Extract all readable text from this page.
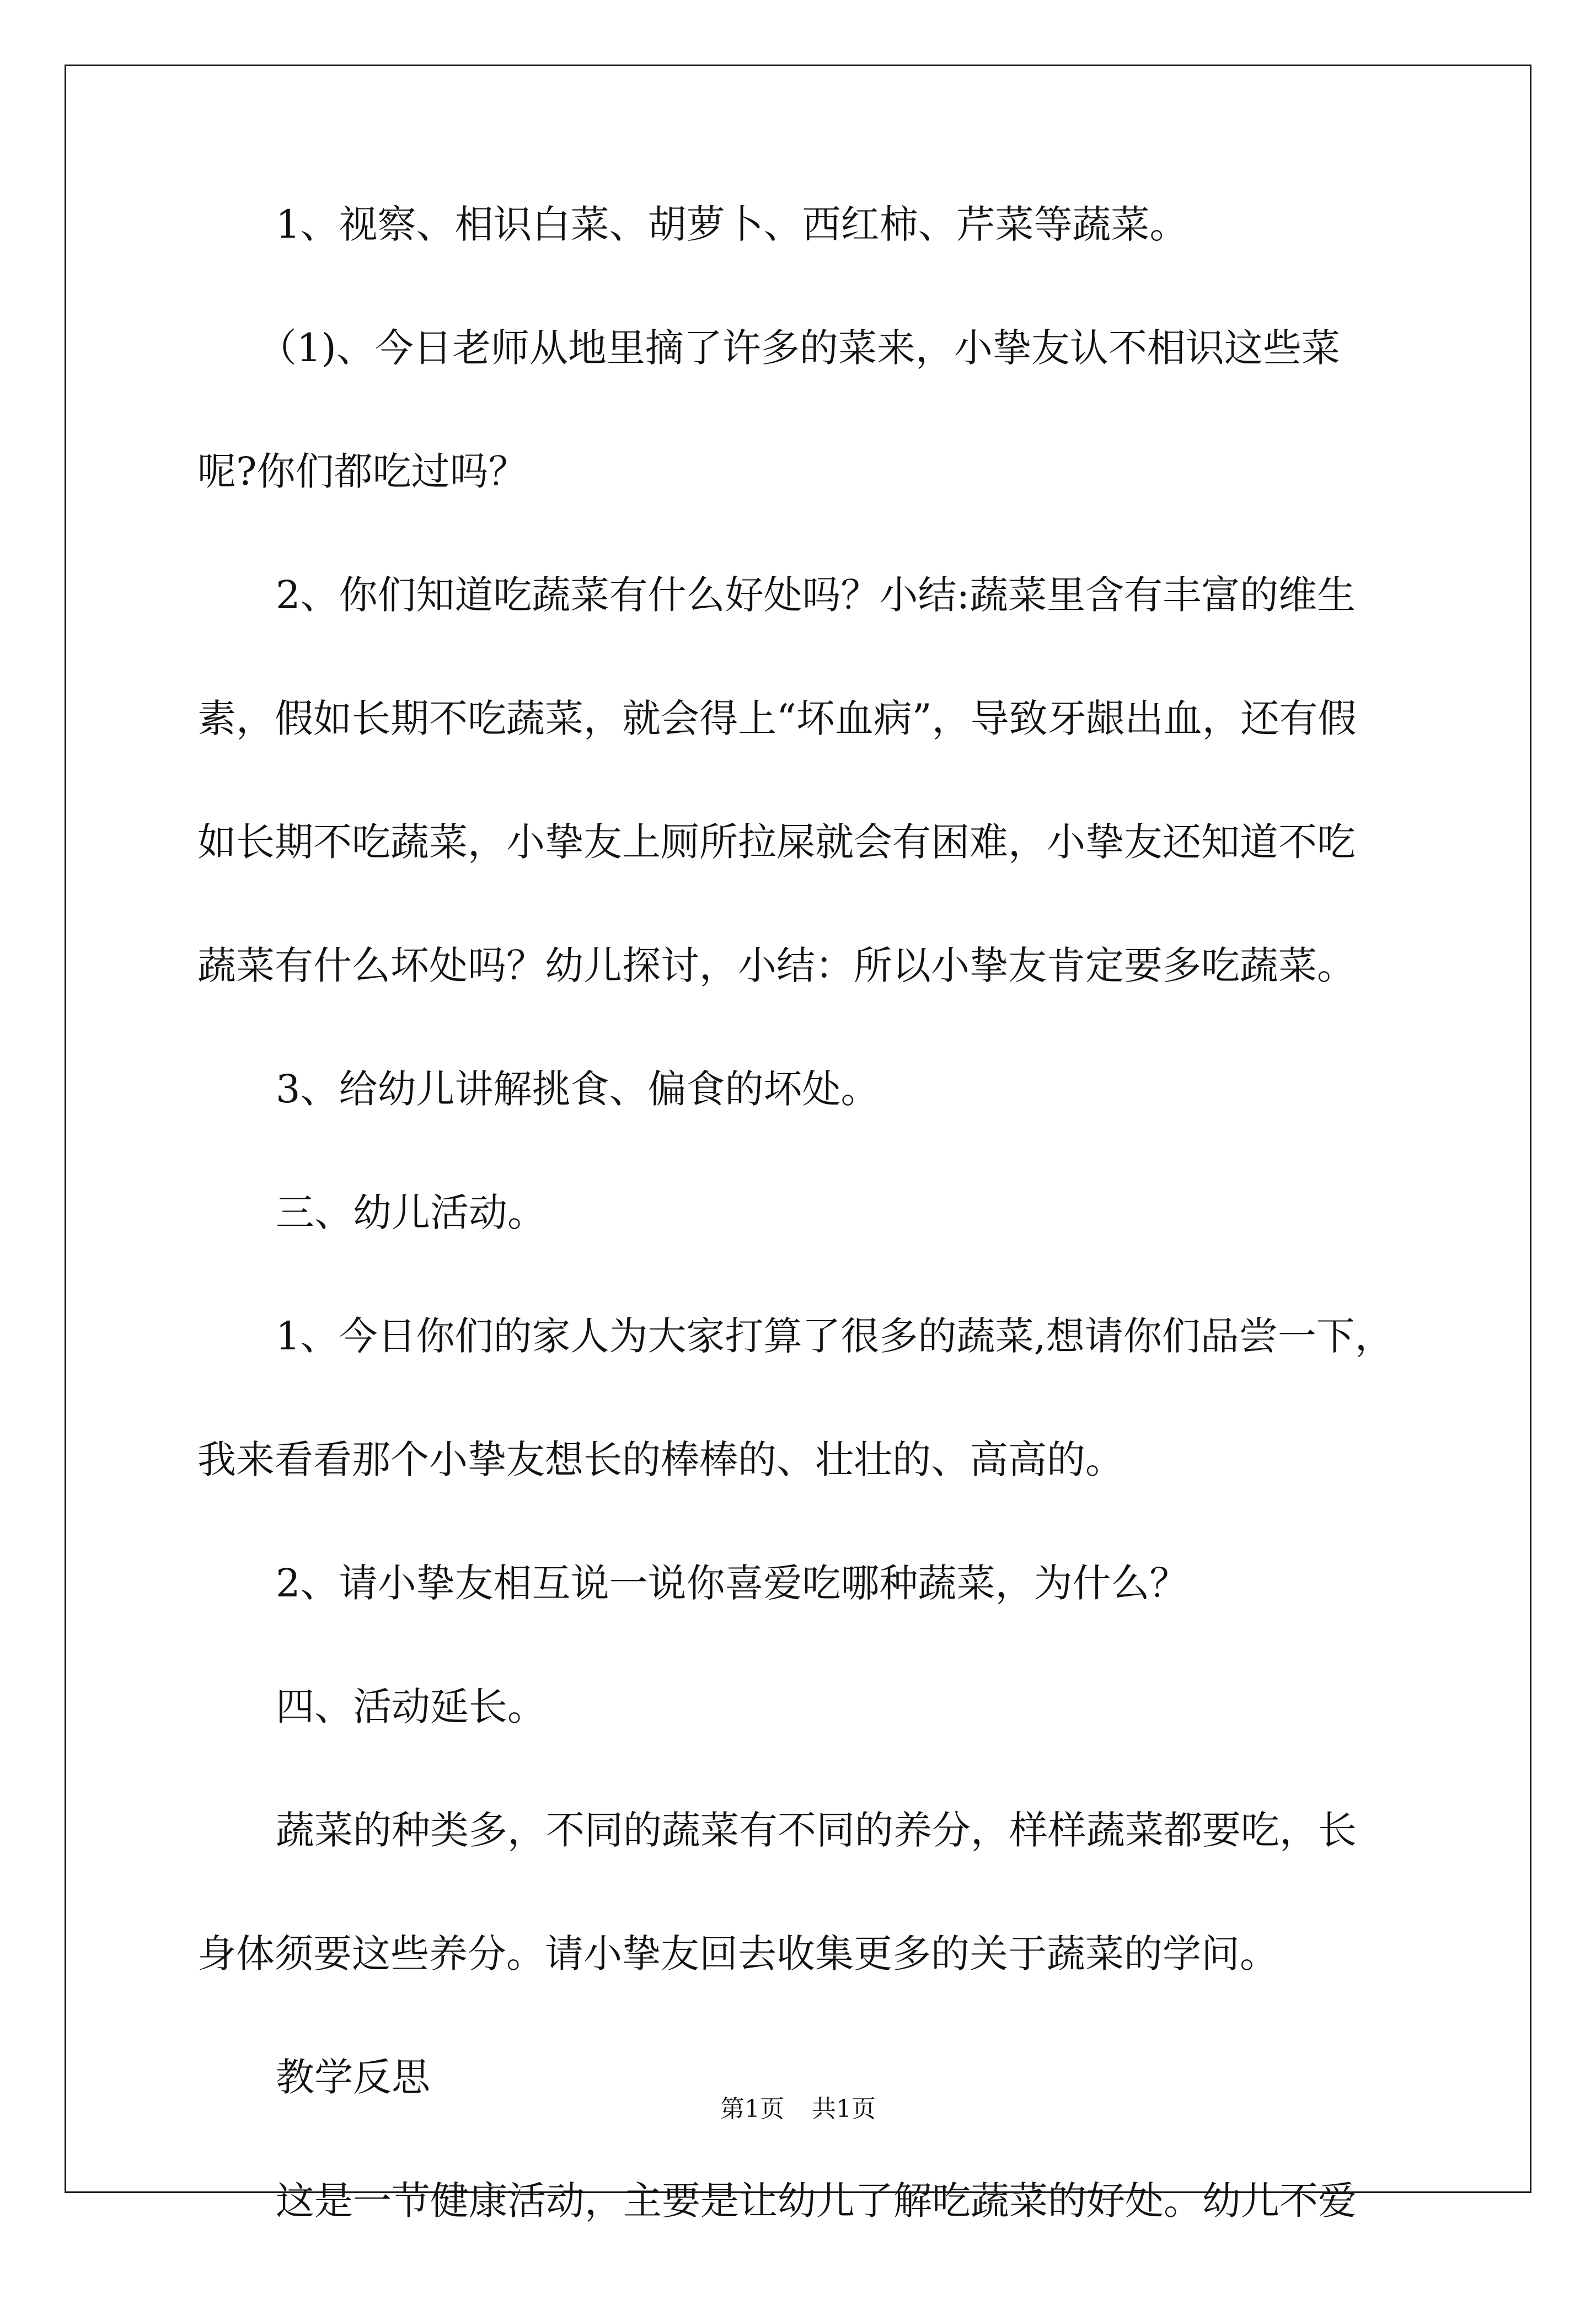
1、视察、相识白菜、胡萝卜、西红柿、芹菜等蔬菜。
（1)、今日老师从地里摘了许多的菜来，小挚友认不相识这些菜
呢?你们都吃过吗？
2、你们知道吃蔬菜有什么好处吗？小结:蔬菜里含有丰富的维生
素，假如长期不吃蔬菜，就会得上“坏血病”，导致牙龈出血，还有假
如长期不吃蔬菜，小挚友上厕所拉屎就会有困难，小挚友还知道不吃
蔬菜有什么坏处吗？幼儿探讨，小结：所以小挚友肯定要多吃蔬菜。
3、给幼儿讲解挑食、偏食的坏处。
三、幼儿活动。
1、今日你们的家人为大家打算了很多的蔬菜,想请你们品尝一下，
我来看看那个小挚友想长的棒棒的、壮壮的、高高的。
2、请小挚友相互说一说你喜爱吃哪种蔬菜，为什么？
四、活动延长。
蔬菜的种类多，不同的蔬菜有不同的养分，样样蔬菜都要吃，长
身体须要这些养分。请小挚友回去收集更多的关于蔬菜的学问。
教学反思
这是一节健康活动，主要是让幼儿了解吃蔬菜的好处。幼儿不爱
第1页 共1页
